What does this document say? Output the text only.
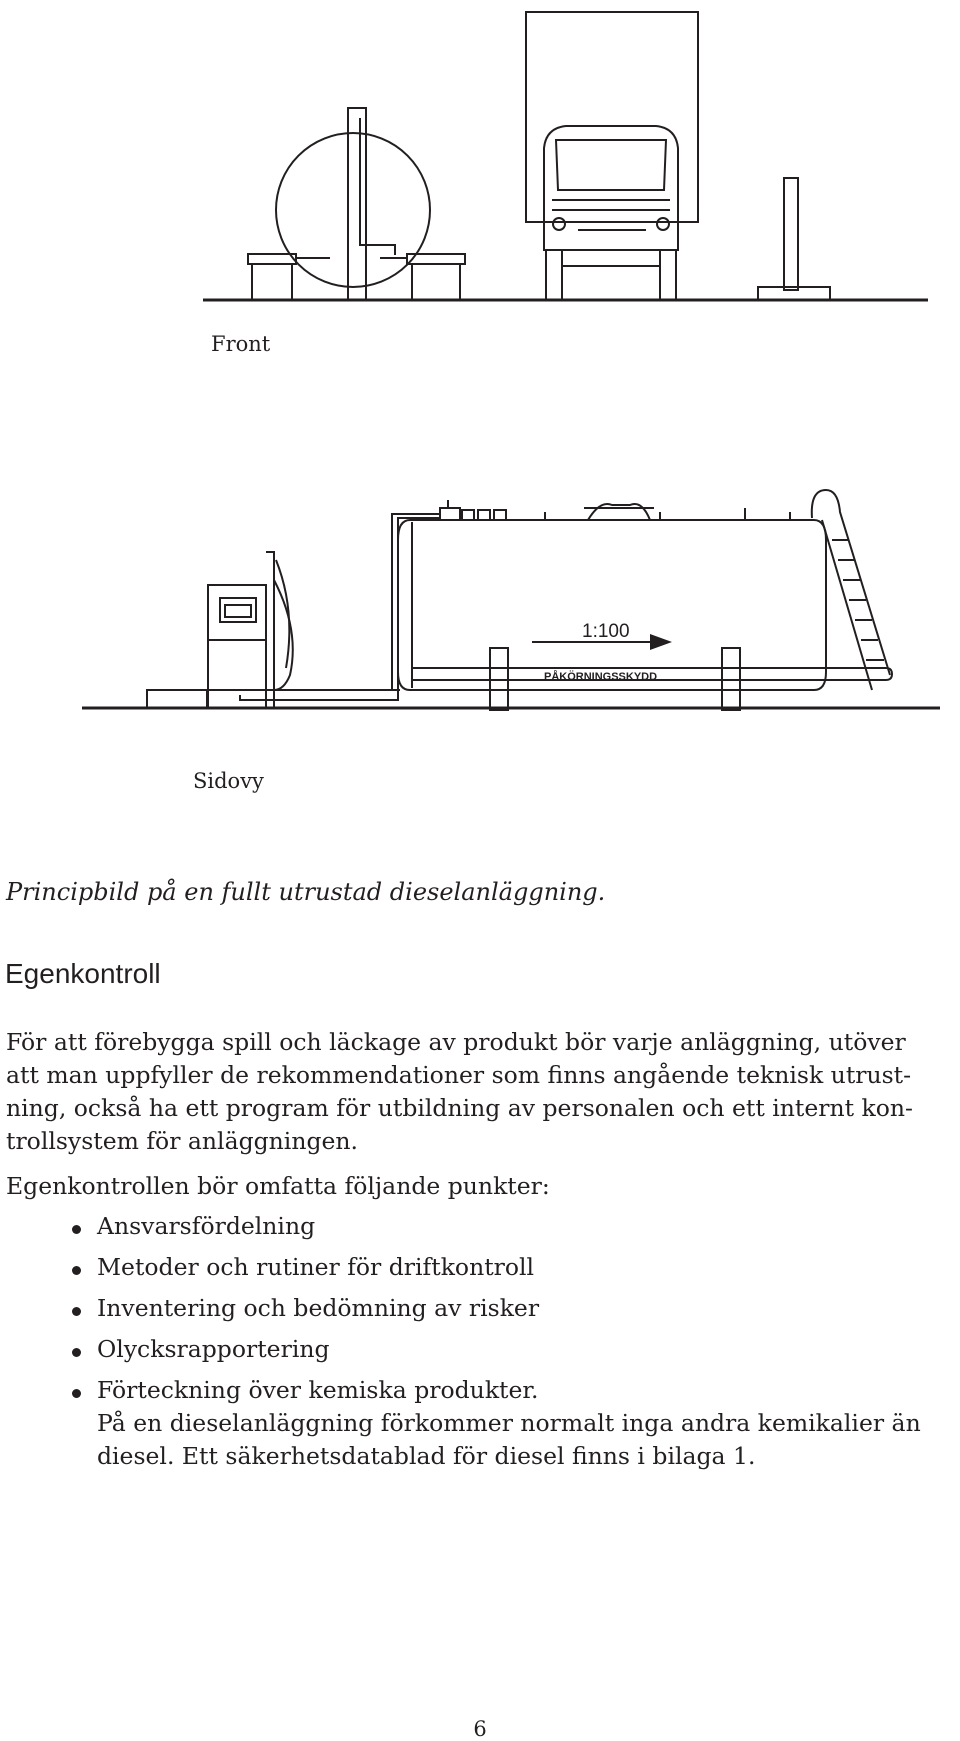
1:100
PÅKÖRNINGSSKYDD
Front
Sidovy
Principbild på en fullt utrustad dieselanläggning.
Egenkontroll

För att förebygga spill och läckage av produkt bör varje anläggning, utöver

att man uppfyller de rekommendationer som finns angående teknisk utrust-

ning, också ha ett program för utbildning av personalen och ett internt kon-

trollsystem för anläggningen.

Egenkontrollen bör omfatta följande punkter:
Ansvarsfördelning
Metoder och rutiner för driftkontroll
Inventering och bedömning av risker
Olycksrapportering
Förteckning över kemiska produkter.
På en dieselanläggning förkommer normalt inga andra kemikalier än
diesel. Ett säkerhetsdatablad för diesel finns i bilaga 1.
6
